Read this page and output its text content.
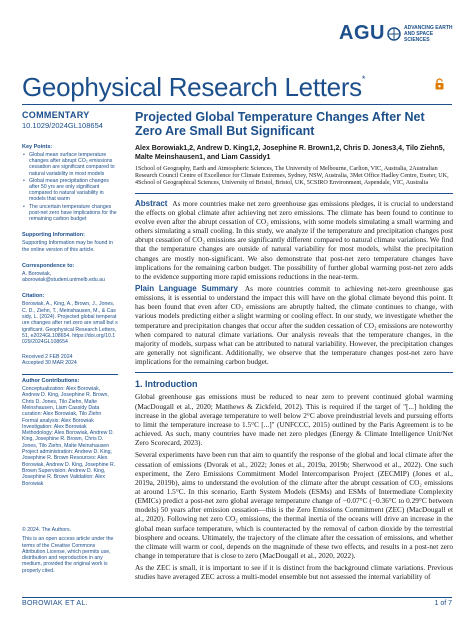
AGU	ADVANCING EARTH AND SPACE SCIENCES
Geophysical Research Letters*
COMMENTARY
10.1029/2024GL108654
Key Points:
• Global mean surface temperature changes after abrupt CO₂ emissions cessation are significant compared to natural variability in most models
• Global mean precipitation changes after 50 yrs are only significant compared to natural variability in models that warm
• The uncertain temperature changes post-net zero have implications for the remaining carbon budget
Supporting Information:
Supporting Information may be found in the online version of this article.
Correspondence to:
A. Borowiak,
aborowiak@student.unimelb.edu.au
Citation:
Borowiak, A., King, A., Brown, J., Jones, C. D., Ziehn, T., Meinshausen, M., & Cassidy, L. (2024). Projected global temperature changes after net zero are small but significant. Geophysical Research Letters, 51, e2024GL108654. https://doi.org/10.1029/2024GL108654
Received 2 FEB 2024
Accepted 30 MAR 2024
Author Contributions:
Conceptualization: Alex Borowiak, Andrew D. King, Josephine R. Brown, Chris D. Jones, Tilo Ziehn, Malte Meinshausen, Liam Cassidy Data curation: Alex Borowiak, Tilo Ziehn Formal analysis: Alex Borowiak Investigation: Alex Borowiak Methodology: Alex Borowiak, Andrew D. King, Josephine R. Brown, Chris D. Jones, Tilo Ziehn, Malte Meinshausen Project administration: Andrew D. King, Josephine R. Brown Resources: Alex Borowiak, Andrew D. King, Josephine R. Brown Supervision: Andrew D. King, Josephine R. Brown Validation: Alex Borowiak
© 2024. The Authors.
This is an open access article under the terms of the Creative Commons Attribution License, which permits use, distribution and reproduction in any medium, provided the original work is properly cited.
Projected Global Temperature Changes After Net Zero Are Small But Significant
Alex Borowiak1,2, Andrew D. King1,2, Josephine R. Brown1,2, Chris D. Jones3,4, Tilo Ziehn5, Malte Meinshausen1, and Liam Cassidy1
1School of Geography, Earth and Atmospheric Sciences, The University of Melbourne, Carlton, VIC, Australia, 2Australian Research Council Centre of Excellence for Climate Extremes, Sydney, NSW, Australia, 3Met Office Hadley Centre, Exeter, UK, 4School of Geographical Sciences, University of Bristol, Bristol, UK, 5CSIRO Environment, Aspendale, VIC, Australia

Abstract As more countries make net zero greenhouse gas emissions pledges, it is crucial to understand the effects on global climate after achieving net zero emissions. The climate has been found to continue to evolve even after the abrupt cessation of CO₂ emissions, with some models simulating a small warming and others simulating a small cooling. In this study, we analyze if the temperature and precipitation changes post abrupt cessation of CO₂ emissions are significantly different compared to natural climate variations. We find that the temperature changes are outside of natural variability for most models, whilst the precipitation changes are mostly non-significant. We also demonstrate that post-net zero temperature changes have implications for the remaining carbon budget. The possibility of further global warming post-net zero adds to the evidence supporting more rapid emissions reductions in the near-term.

Plain Language Summary As more countries commit to achieving net-zero greenhouse gas emissions, it is essential to understand the impact this will have on the global climate beyond this point. It has been found that even after CO₂ emissions are abruptly halted, the climate continues to change, with various models predicting either a slight warming or cooling effect. In our study, we investigate whether the temperature and precipitation changes that occur after the sudden cessation of CO₂ emissions are noteworthy when compared to natural climate variations. Our analysis reveals that the temperature changes, in the majority of models, surpass what can be attributed to natural variability. However, the precipitation changes are generally not significant. Additionally, we observe that the temperature changes post-net zero have implications for the remaining carbon budget.

1. Introduction

Global greenhouse gas emissions must be reduced to near zero to prevent continued global warming (MacDougall et al., 2020; Matthews & Zickfeld, 2012). This is required if the target of "[...] holding the increase in the global average temperature to well below 2°C above preindustrial levels and pursuing efforts to limit the temperature increase to 1.5°C [...]" (UNFCCC, 2015) outlined by the Paris Agreement is to be achieved. As such, many countries have made net zero pledges (Energy & Climate Intelligence Unit/Net Zero Scorecard, 2023).

Several experiments have been run that aim to quantify the response of the global and local climate after the cessation of emissions (Dvorak et al., 2022; Jones et al., 2019a, 2019b; Sherwood et al., 2022). One such experiment, the Zero Emissions Commitment Model Intercomparison Project (ZECMIP) (Jones et al., 2019a, 2019b), aims to understand the evolution of the climate after the abrupt cessation of CO₂ emissions at around 1.5°C. In this scenario, Earth System Models (ESMs) and ESMs of Intermediate Complexity (EMICs) predict a post-net zero global average temperature change of −0.07°C (−0.36°C to 0.29°C between models) 50 years after emission cessation—this is the Zero Emissions Commitment (ZEC) (MacDougall et al., 2020). Following net zero CO₂ emissions, the thermal inertia of the oceans will drive an increase in the global mean surface temperature, which is counteracted by the removal of carbon dioxide by the terrestrial biosphere and oceans. Ultimately, the trajectory of the climate after the cessation of emissions, and whether the climate will warm or cool, depends on the magnitude of these two effects, and results in a post-net zero change in temperature that is close to zero (MacDougall et al., 2020, 2022).

As the ZEC is small, it is important to see if it is distinct from the background climate variations. Previous studies have averaged ZEC across a multi-model ensemble but not assessed the internal variability of

BOROWIAK ET AL.	1 of 7
